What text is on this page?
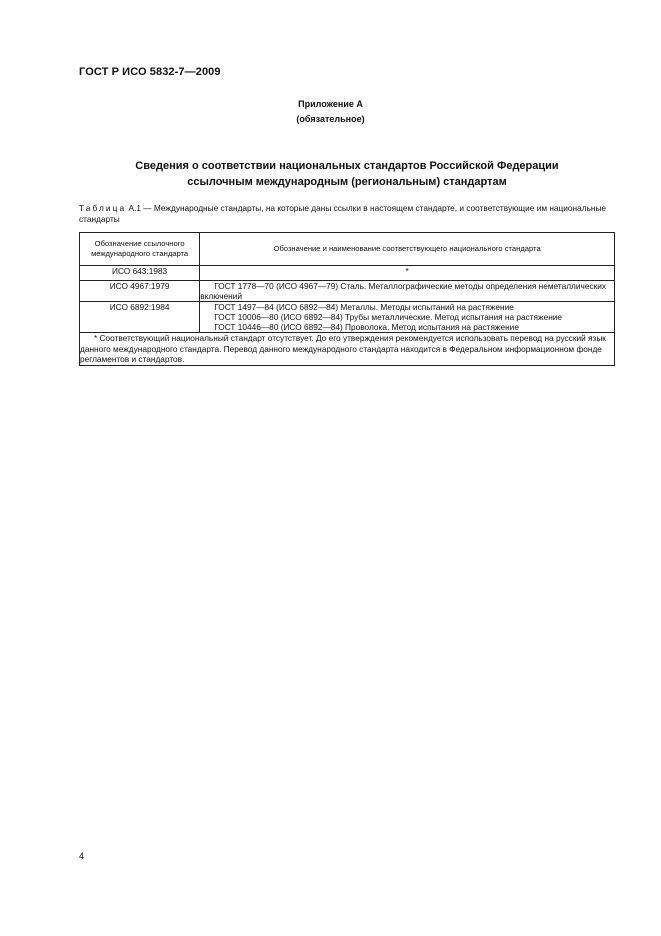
ГОСТ Р ИСО 5832-7—2009
Приложение А
(обязательное)
Сведения о соответствии национальных стандартов Российской Федерации
ссылочным международным (региональным) стандартам
Таблица А.1 — Международные стандарты, на которые даны ссылки в настоящем стандарте, и соответствующие им национальные стандарты
Обозначение ссылочного международного стандарта	Обозначение и наименование соответствующего национального стандарта
ИСО 643:1983	*
ИСО 4967:1979	ГОСТ 1778—70 (ИСО 4967—79) Сталь. Металлографические методы определения неметаллических включений

ИСО 6892:1984	ГОСТ 1497—84 (ИСО 6892—84) Металлы. Методы испытаний на растяжение
ГОСТ 10006—80 (ИСО 6892—84) Трубы металлические. Метод испытания на растяжение
ГОСТ 10446—80 (ИСО 6892—84) Проволока. Метод испытания на растяжение

* Соответствующий национальный стандарт отсутствует. До его утверждения рекомендуется использовать перевод на русский язык данного международного стандарта. Перевод данного международного стандарта находится в Федеральном информационном фонде регламентов и стандартов.	
4
